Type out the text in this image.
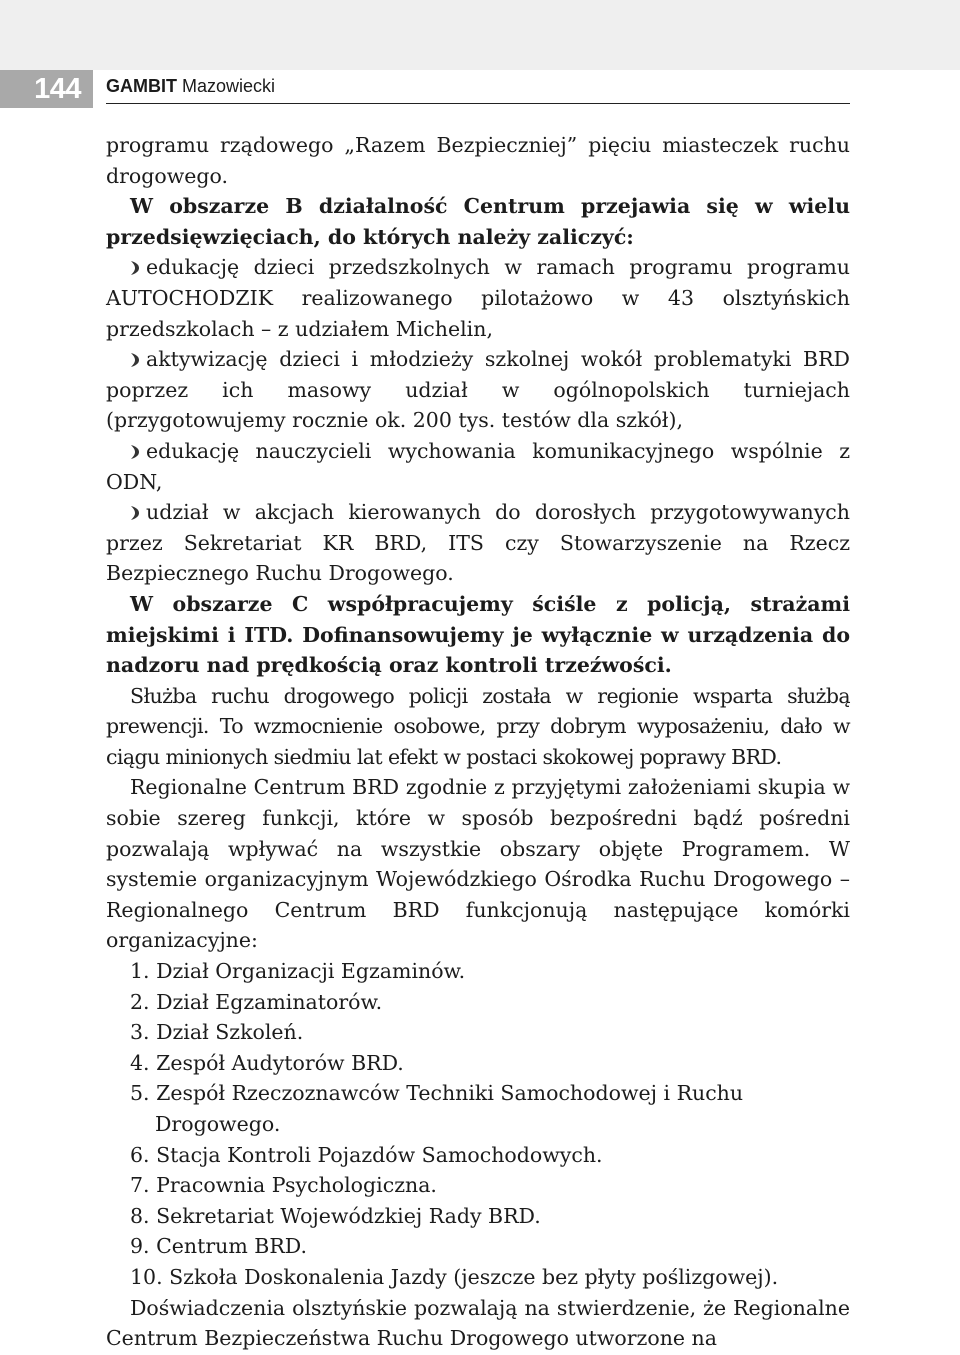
144	GAMBIT Mazowiecki

programu rządowego „Razem Bezpieczniej” pięciu miasteczek ruchu drogowego.

W obszarze B działalność Centrum przejawia się w wielu przedsięwzięciach, do których należy zaliczyć:

edukację dzieci przedszkolnych w ramach programu programu AUTOCHODZIK realizowanego pilotażowo w 43 olsztyńskich przedszkolach – z udziałem Michelin,

aktywizację dzieci i młodzieży szkolnej wokół problematyki BRD poprzez ich masowy udział w ogólnopolskich turniejach (przygotowujemy rocznie ok. 200 tys. testów dla szkół),

edukację nauczycieli wychowania komunikacyjnego wspólnie z ODN,

udział w akcjach kierowanych do dorosłych przygotowywanych przez Sekretariat KR BRD, ITS czy Stowarzyszenie na Rzecz Bezpiecznego Ruchu Drogowego.

W obszarze C współpracujemy ściśle z policją, strażami miejskimi i ITD. Dofinansowujemy je wyłącznie w urządzenia do nadzoru nad prędkością oraz kontroli trzeźwości.

Służba ruchu drogowego policji została w regionie wsparta służbą prewencji. To wzmocnienie osobowe, przy dobrym wyposażeniu, dało w ciągu minionych siedmiu lat efekt w postaci skokowej poprawy BRD.

Regionalne Centrum BRD zgodnie z przyjętymi założeniami skupia w sobie szereg funkcji, które w sposób bezpośredni bądź pośredni pozwalają wpływać na wszystkie obszary objęte Programem. W systemie organizacyjnym Wojewódzkiego Ośrodka Ruchu Drogowego – Regionalnego Centrum BRD funkcjonują następujące komórki organizacyjne:

1. Dział Organizacji Egzaminów.
2. Dział Egzaminatorów.
3. Dział Szkoleń.
4. Zespół Audytorów BRD.
5. Zespół Rzeczoznawców Techniki Samochodowej i Ruchu Drogowego.
6. Stacja Kontroli Pojazdów Samochodowych.
7. Pracownia Psychologiczna.
8. Sekretariat Wojewódzkiej Rady BRD.
9. Centrum BRD.
10. Szkoła Doskonalenia Jazdy (jeszcze bez płyty poślizgowej).

Doświadczenia olsztyńskie pozwalają na stwierdzenie, że Regionalne Centrum Bezpieczeństwa Ruchu Drogowego utworzone na
